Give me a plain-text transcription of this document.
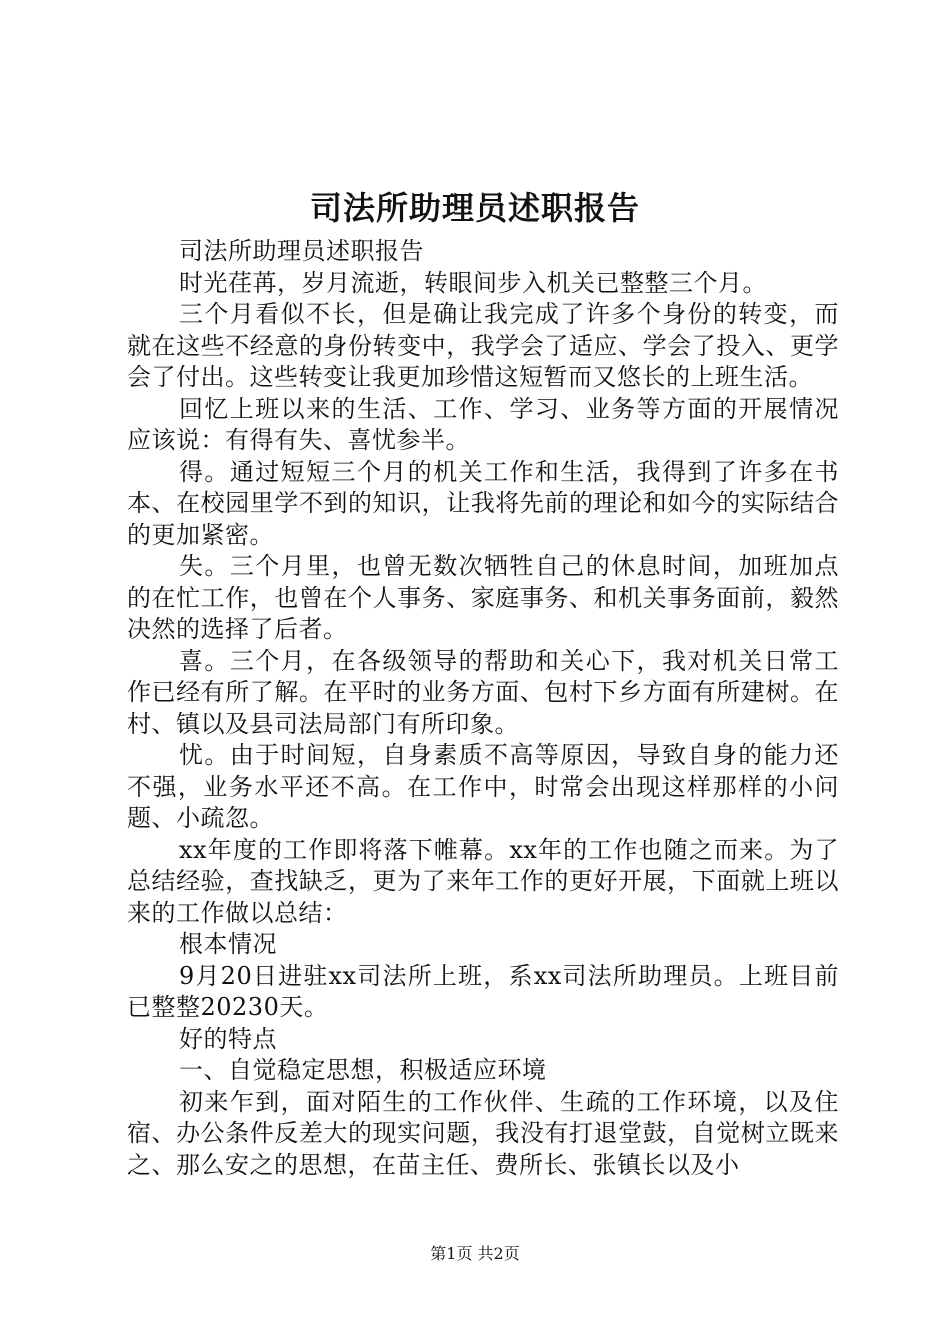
司法所助理员述职报告

司法所助理员述职报告

时光荏苒，岁月流逝，转眼间步入机关已整整三个月。

三个月看似不长，但是确让我完成了许多个身份的转变，而就在这些不经意的身份转变中，我学会了适应、学会了投入、更学会了付出。这些转变让我更加珍惜这短暂而又悠长的上班生活。

回忆上班以来的生活、工作、学习、业务等方面的开展情况应该说：有得有失、喜忧参半。

得。通过短短三个月的机关工作和生活，我得到了许多在书本、在校园里学不到的知识，让我将先前的理论和如今的实际结合的更加紧密。

失。三个月里，也曾无数次牺牲自己的休息时间，加班加点的在忙工作，也曾在个人事务、家庭事务、和机关事务面前，毅然决然的选择了后者。

喜。三个月，在各级领导的帮助和关心下，我对机关日常工作已经有所了解。在平时的业务方面、包村下乡方面有所建树。在村、镇以及县司法局部门有所印象。

忧。由于时间短，自身素质不高等原因，导致自身的能力还不强，业务水平还不高。在工作中，时常会出现这样那样的小问题、小疏忽。

xx年度的工作即将落下帷幕。xx年的工作也随之而来。为了总结经验，查找缺乏，更为了来年工作的更好开展，下面就上班以来的工作做以总结：

根本情况

9月20日进驻xx司法所上班，系xx司法所助理员。上班目前已整整20230天。

好的特点

一、自觉稳定思想，积极适应环境

初来乍到，面对陌生的工作伙伴、生疏的工作环境，以及住宿、办公条件反差大的现实问题，我没有打退堂鼓，自觉树立既来之、那么安之的思想，在苗主任、费所长、张镇长以及小

第1页 共2页
